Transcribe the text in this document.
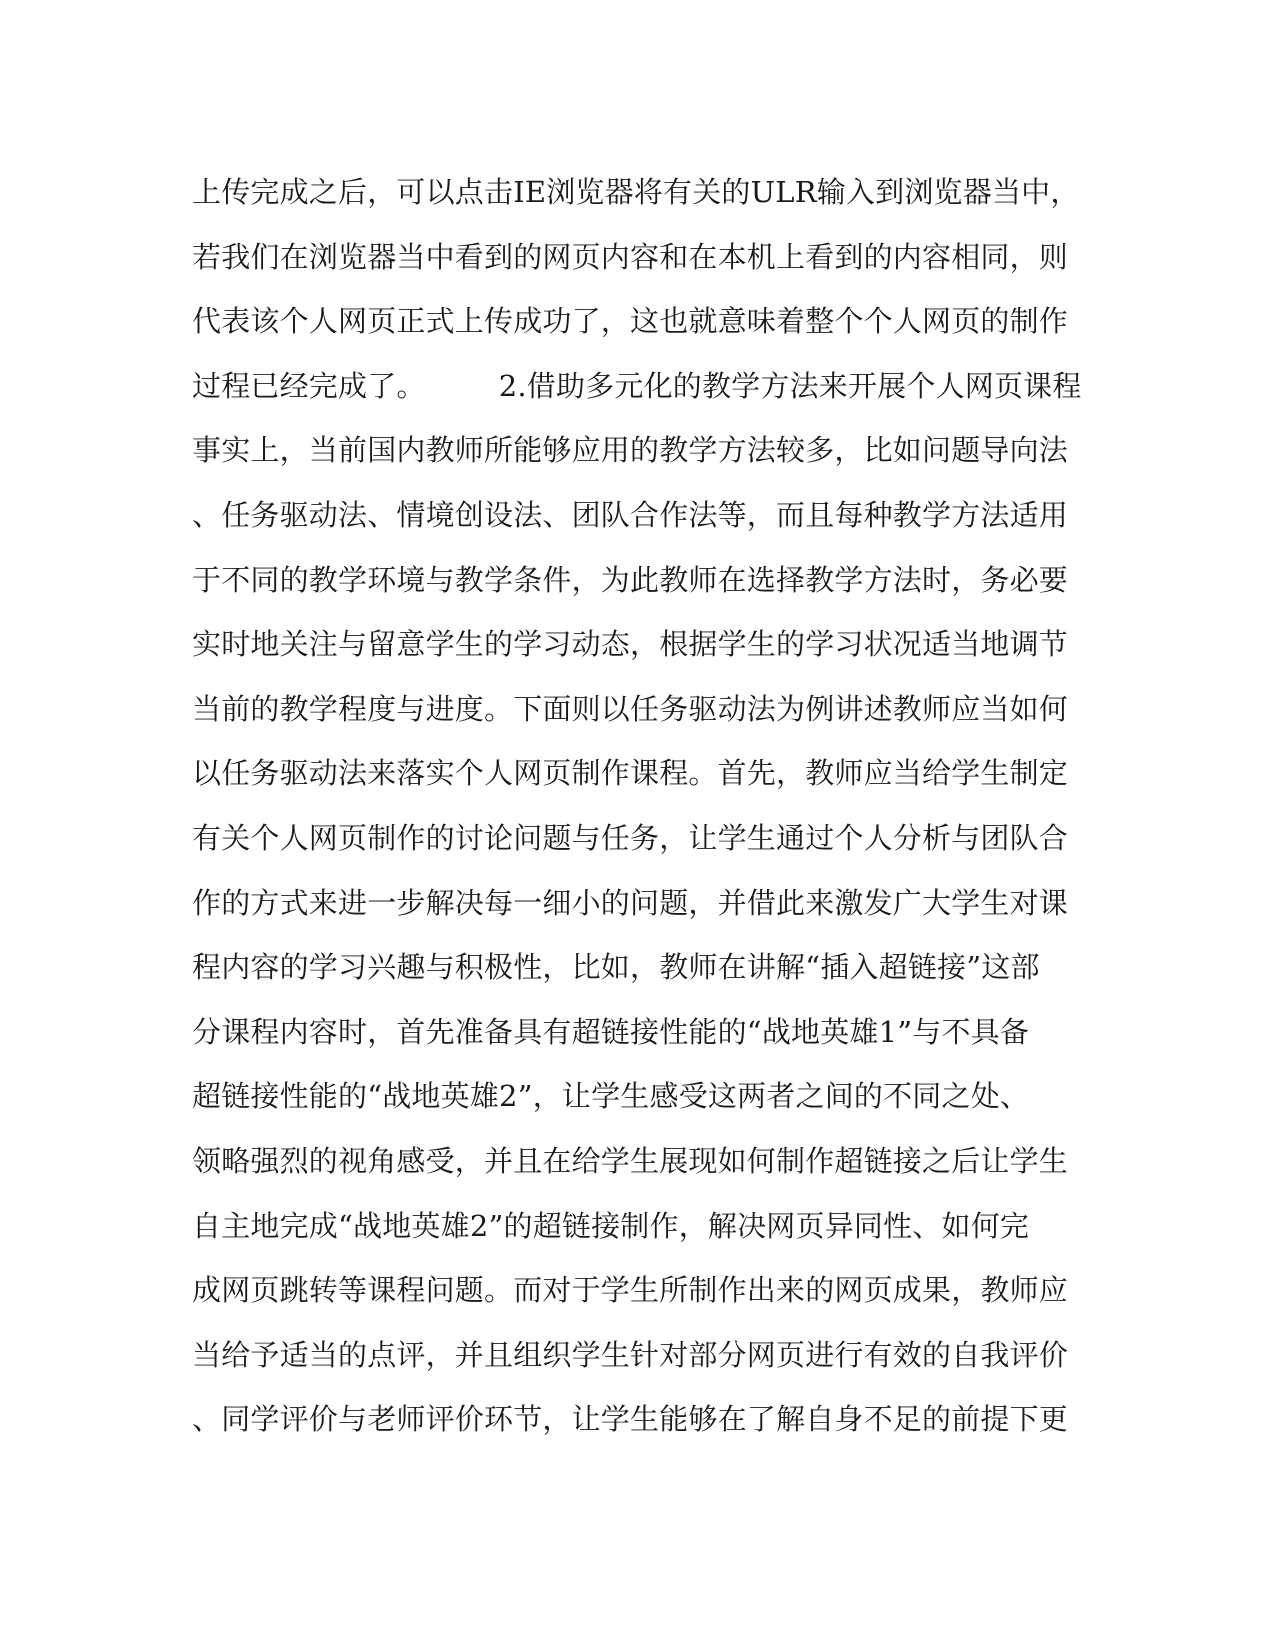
上传完成之后，可以点击IE浏览器将有关的ULR输入到浏览器当中，
若我们在浏览器当中看到的网页内容和在本机上看到的内容相同，则
代表该个人网页正式上传成功了，这也就意味着整个个人网页的制作
过程已经完成了。　　　2.借助多元化的教学方法来开展个人网页课程
事实上，当前国内教师所能够应用的教学方法较多，比如问题导向法
、任务驱动法、情境创设法、团队合作法等，而且每种教学方法适用
于不同的教学环境与教学条件，为此教师在选择教学方法时，务必要
实时地关注与留意学生的学习动态，根据学生的学习状况适当地调节
当前的教学程度与进度。下面则以任务驱动法为例讲述教师应当如何
以任务驱动法来落实个人网页制作课程。首先，教师应当给学生制定
有关个人网页制作的讨论问题与任务，让学生通过个人分析与团队合
作的方式来进一步解决每一细小的问题，并借此来激发广大学生对课
程内容的学习兴趣与积极性，比如，教师在讲解“插入超链接”这部
分课程内容时，首先准备具有超链接性能的“战地英雄1”与不具备
超链接性能的“战地英雄2”，让学生感受这两者之间的不同之处、
领略强烈的视角感受，并且在给学生展现如何制作超链接之后让学生
自主地完成“战地英雄2”的超链接制作，解决网页异同性、如何完
成网页跳转等课程问题。而对于学生所制作出来的网页成果，教师应
当给予适当的点评，并且组织学生针对部分网页进行有效的自我评价
、同学评价与老师评价环节，让学生能够在了解自身不足的前提下更
